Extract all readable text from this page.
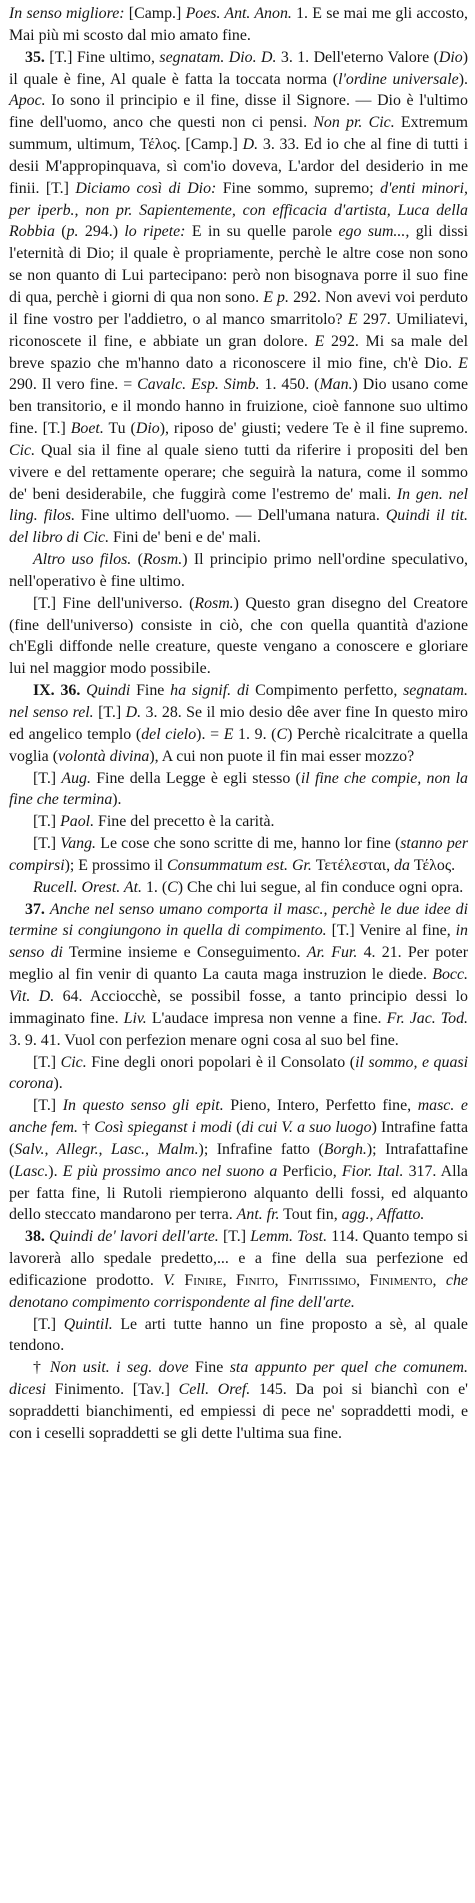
In senso migliore: [Camp.] Poes. Ant. Anon. 1. E se mai me gli accosto, Mai più mi scosto dal mio amato fine.

35. [T.] Fine ultimo, segnatam. Dio. D. 3. 1. Dell'eterno Valore (Dio) il quale è fine, Al quale è fatta la toccata norma (l'ordine universale). Apoc. Io sono il principio e il fine, disse il Signore. — Dio è l'ultimo fine dell'uomo, anco che questi non ci pensi. Non pr. Cic. Extremum summum, ultimum, Τέλος. [Camp.] D. 3. 33. Ed io che al fine di tutti i desii M'appropinquava, sì com'io doveva, L'ardor del desiderio in me finii. [T.] Diciamo così di Dio: Fine sommo, supremo; d'enti minori, per iperb., non pr. Sapientemente, con efficacia d'artista, Luca della Robbia (p. 294.) lo ripete: E in su quelle parole ego sum..., gli dissi l'eternità di Dio; il quale è propriamente, perchè le altre cose non sono se non quanto di Lui partecipano: però non bisognava porre il suo fine di qua, perchè i giorni di qua non sono. E p. 292. Non avevi voi perduto il fine vostro per l'addietro, o al manco smarritolo? E 297. Umiliatevi, riconoscete il fine, e abbiate un gran dolore. E 292. Mi sa male del breve spazio che m'hanno dato a riconoscere il mio fine, ch'è Dio. E 290. Il vero fine. = Cavalc. Esp. Simb. 1. 450. (Man.) Dio usano come ben transitorio, e il mondo hanno in fruizione, cioè fannone suo ultimo fine. [T.] Boet. Tu (Dio), riposo de' giusti; vedere Te è il fine supremo. Cic. Qual sia il fine al quale sieno tutti da riferire i propositi del ben vivere e del rettamente operare; che seguirà la natura, come il sommo de' beni desiderabile, che fuggirà come l'estremo de' mali. In gen. nel ling. filos. Fine ultimo dell'uomo. — Dell'umana natura. Quindi il tit. del libro di Cic. Fini de' beni e de' mali.

Altro uso filos. (Rosm.) Il principio primo nell'ordine speculativo, nell'operativo è fine ultimo.

[T.] Fine dell'universo. (Rosm.) Questo gran disegno del Creatore (fine dell'universo) consiste in ciò, che con quella quantità d'azione ch'Egli diffonde nelle creature, queste vengano a conoscere e gloriare lui nel maggior modo possibile.

IX. 36. Quindi Fine ha signif. di Compimento perfetto, segnatam. nel senso rel. [T.] D. 3. 28. Se il mio desio dêe aver fine In questo miro ed angelico templo (del cielo). = E 1. 9. (C) Perchè ricalcitrate a quella voglia (volontà divina), A cui non puote il fin mai esser mozzo?

[T.] Aug. Fine della Legge è egli stesso (il fine che compie, non la fine che termina).

[T.] Paol. Fine del precetto è la carità.

[T.] Vang. Le cose che sono scritte di me, hanno lor fine (stanno per compirsi); E prossimo il Consummatum est. Gr. Τετέλεσται, da Τέλος.

Rucell. Orest. At. 1. (C) Che chi lui segue, al fin conduce ogni opra.

37. Anche nel senso umano comporta il masc., perchè le due idee di termine si congiungono in quella di compimento. [T.] Venire al fine, in senso di Termine insieme e Conseguimento. Ar. Fur. 4. 21. Per poter meglio al fin venir di quanto La cauta maga instruzion le diede. Bocc. Vit. D. 64. Acciocchè, se possibil fosse, a tanto principio dessi lo immaginato fine. Liv. L'audace impresa non venne a fine. Fr. Jac. Tod. 3. 9. 41. Vuol con perfezion menare ogni cosa al suo bel fine.

[T.] Cic. Fine degli onori popolari è il Consolato (il sommo, e quasi corona).

[T.] In questo senso gli epit. Pieno, Intero, Perfetto fine, masc. e anche fem. † Così spieganst i modi (di cui V. a suo luogo) Intrafine fatta (Salv., Allegr., Lasc., Malm.); Infrafine fatto (Borgh.); Intrafattafine (Lasc.). E più prossimo anco nel suono a Perficio, Fior. Ital. 317. Alla per fatta fine, li Rutoli riempierono alquanto delli fossi, ed alquanto dello steccato mandarono per terra. Ant. fr. Tout fin, agg., Affatto.

38. Quindi de' lavori dell'arte. [T.] Lemm. Tost. 114. Quanto tempo si lavorerà allo spedale predetto,... e a fine della sua perfezione ed edificazione prodotto. V. Finire, Finito, Finitissimo, Finimento, che denotano compimento corrispondente al fine dell'arte.

[T.] Quintil. Le arti tutte hanno un fine proposto a sè, al quale tendono.

† Non usit. i seg. dove Fine sta appunto per quel che comunem. dicesi Finimento. [Tav.] Cell. Oref. 145. Da poi si bianchì con e' sopraddetti bianchimenti, ed empiessi di pece ne' sopraddetti modi, e con i ceselli sopraddetti se gli dette l'ultima sua fine.
